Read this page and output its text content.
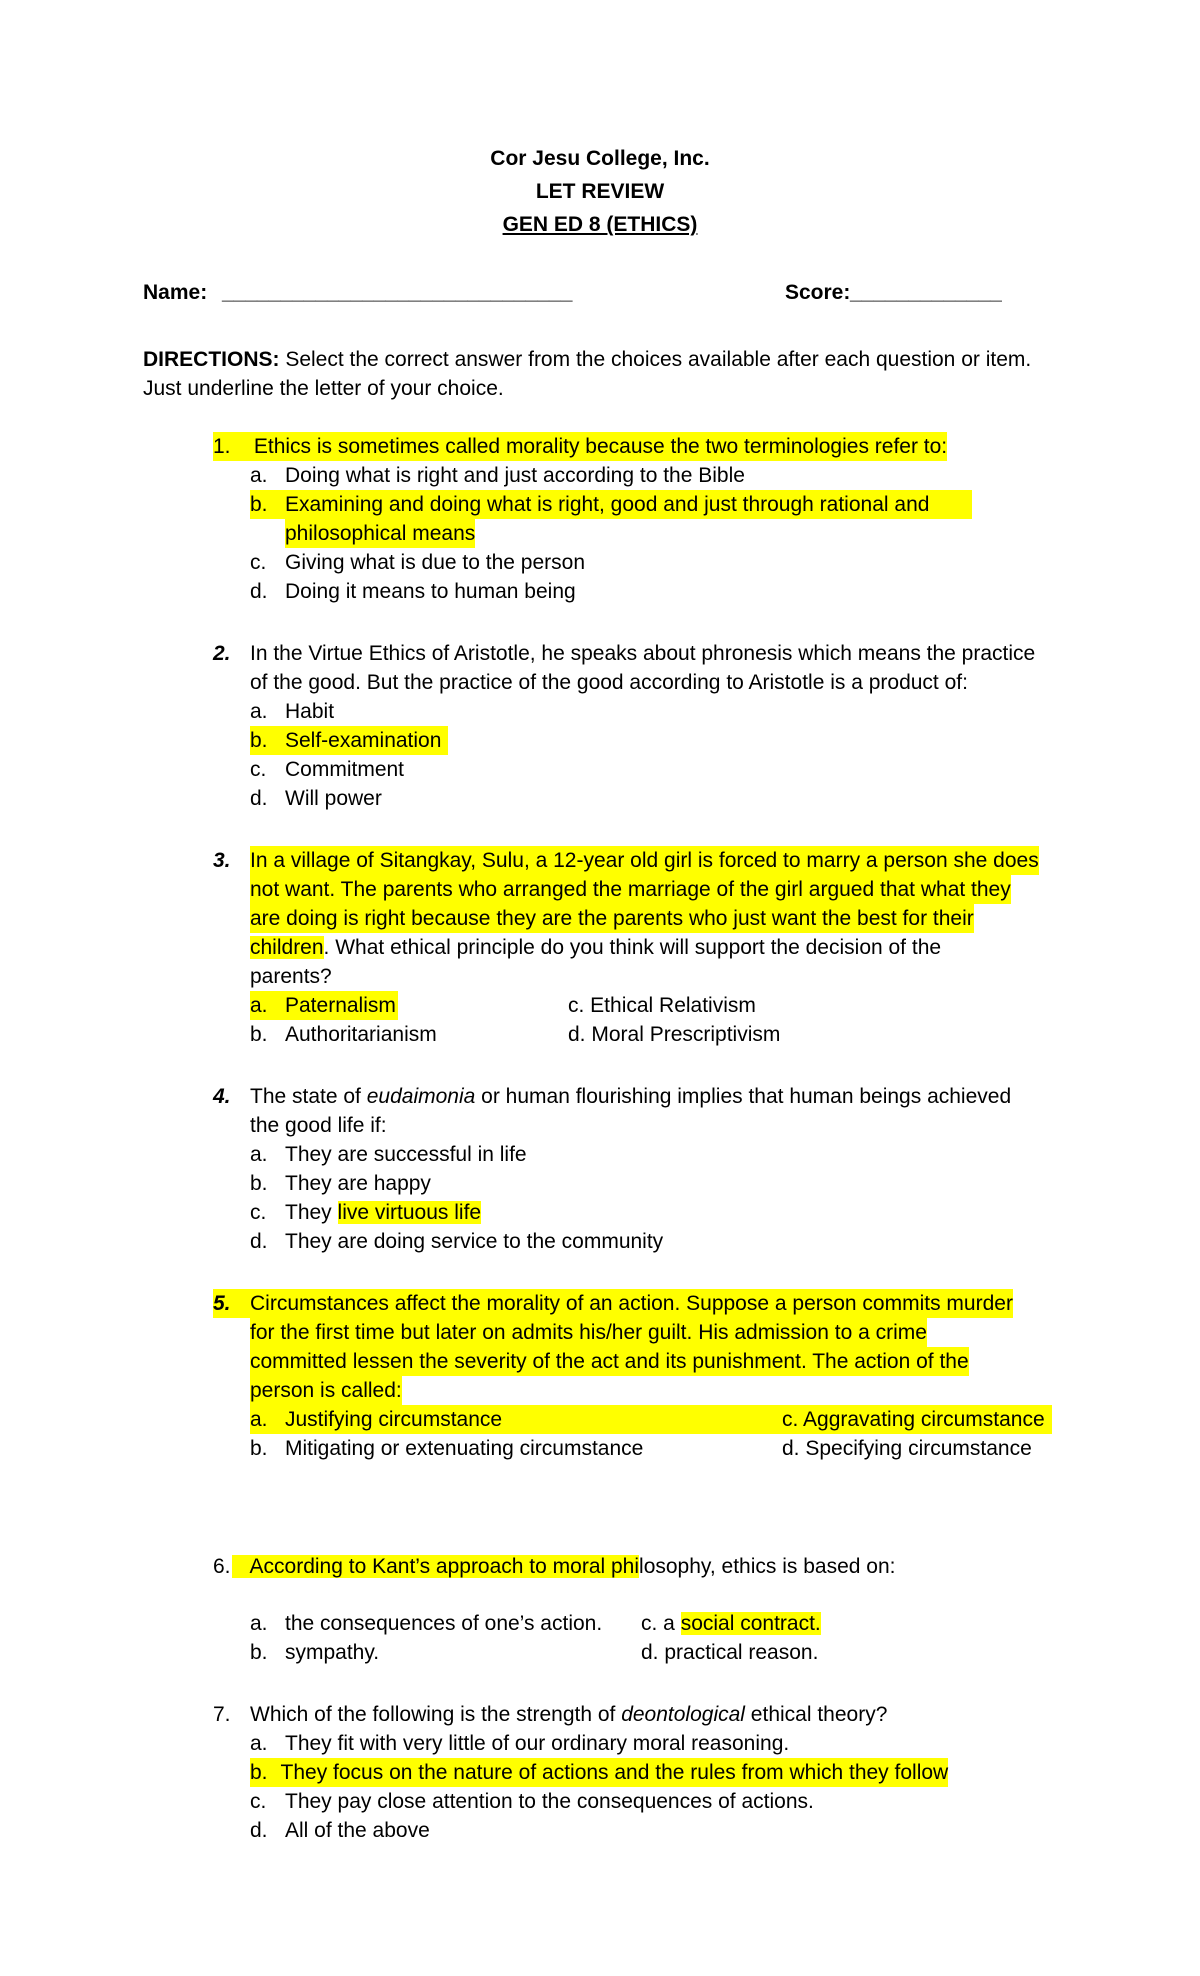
Cor Jesu College, Inc.
LET REVIEW
GEN ED 8 (ETHICS)
Name: ______________________________	Score: _____________
DIRECTIONS: Select the correct answer from the choices available after each question or item.
Just underline the letter of your choice.
1. Ethics is sometimes called morality because the two terminologies refer to:
a. Doing what is right and just according to the Bible
b. Examining and doing what is right, good and just through rational and
philosophical means
c. Giving what is due to the person
d. Doing it means to human being
2. In the Virtue Ethics of Aristotle, he speaks about phronesis which means the practice
of the good. But the practice of the good according to Aristotle is a product of:
a. Habit
b. Self-examination
c. Commitment
d. Will power
3. In a village of Sitangkay, Sulu, a 12-year old girl is forced to marry a person she does
not want. The parents who arranged the marriage of the girl argued that what they
are doing is right because they are the parents who just want the best for their
children. What ethical principle do you think will support the decision of the
parents?
a. Paternalism
b. Authoritarianism
c. Ethical Relativism
d. Moral Prescriptivism
4. The state of eudaimonia or human flourishing implies that human beings achieved
the good life if:
a. They are successful in life
b. They are happy
c. They live virtuous life
d. They are doing service to the community
5. Circumstances affect the morality of an action. Suppose a person commits murder
for the first time but later on admits his/her guilt. His admission to a crime
committed lessen the severity of the act and its punishment. The action of the
person is called:
a. Justifying circumstance	c. Aggravating circumstance
b. Mitigating or extenuating circumstance	d. Specifying circumstance
6. According to Kant’s approach to moral philosophy, ethics is based on:
a. the consequences of one’s action.
b. sympathy.
c. a social contract.
d. practical reason.
7. Which of the following is the strength of deontological ethical theory?
a. They fit with very little of our ordinary moral reasoning.
b. They focus on the nature of actions and the rules from which they follow
c. They pay close attention to the consequences of actions.
d. All of the above
